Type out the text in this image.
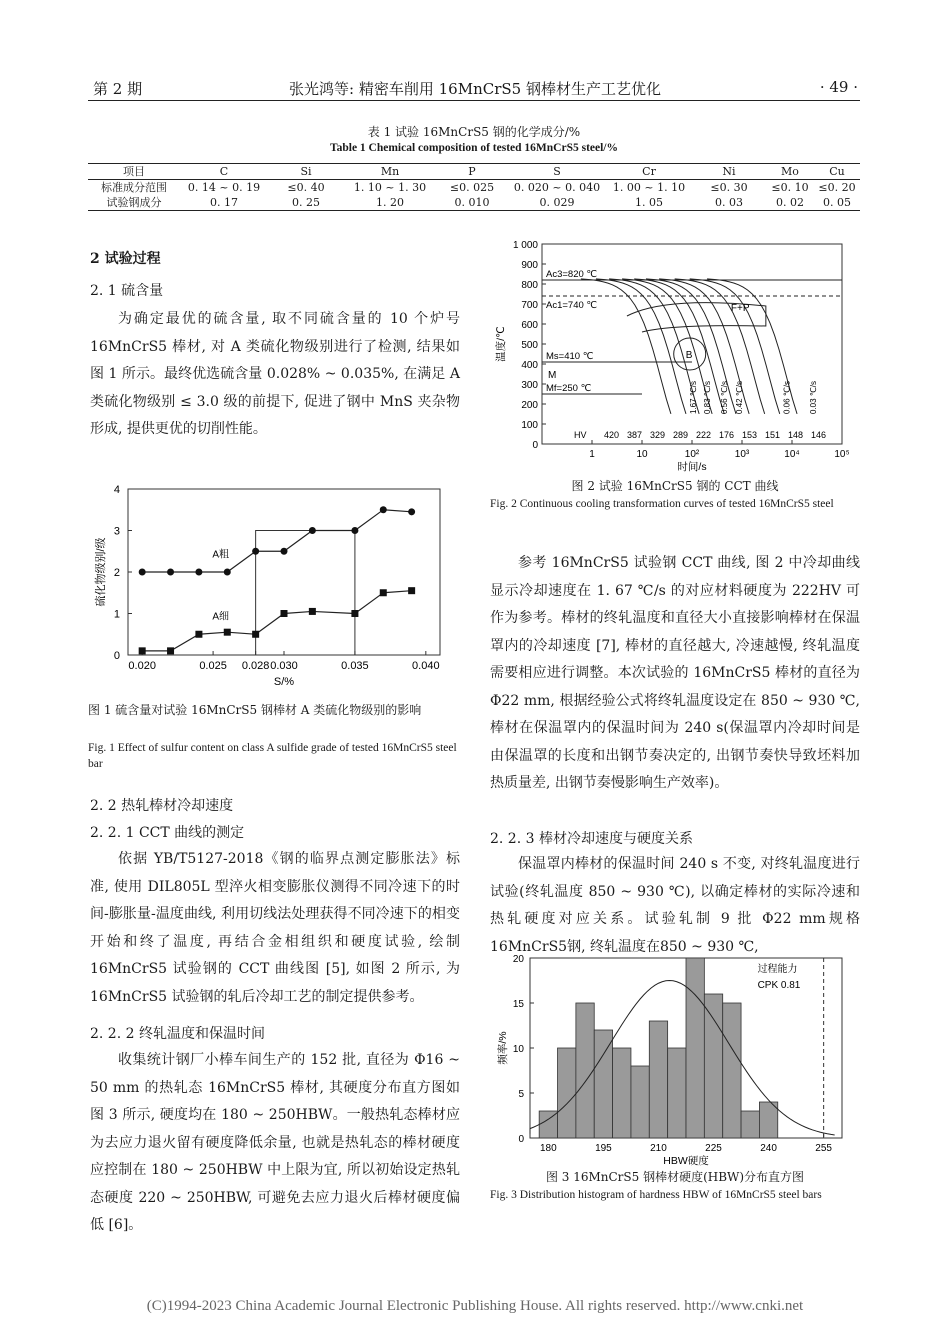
第 2 期	张光鸿等: 精密车削用 16MnCrS5 钢棒材生产工艺优化	· 49 ·
表 1 试验 16MnCrS5 钢的化学成分/%
Table 1 Chemical composition of tested 16MnCrS5 steel/%
项目	C	Si	Mn	P	S	Cr	Ni	Mo	Cu
标准成分范围	0. 14 ~ 0. 19	≤0. 40	1. 10 ~ 1. 30	≤0. 025	0. 020 ~ 0. 040	1. 00 ~ 1. 10	≤0. 30	≤0. 10	≤0. 20
试验钢成分	0. 17	0. 25	1. 20	0. 010	0. 029	1. 05	0. 03	0. 02	0. 05
2 试验过程
2. 1 硫含量

为确定最优的硫含量, 取不同硫含量的 10 个炉号 16MnCrS5 棒材, 对 A 类硫化物级别进行了检测, 结果如图 1 所示。最终优选硫含量 0.028% ~ 0.035%, 在满足 A 类硫化物级别 ≤ 3.0 级的前提下, 促进了钢中 MnS 夹杂物形成, 提供更优的切削性能。

0
1
2
3
4
0.020	0.025 0.028 0.030	0.035	0.040
A粗
A细
S/%
硫化物级别/级
图 1 硫含量对试验 16MnCrS5 钢棒材 A 类硫化物级别的影响
Fig. 1 Effect of sulfur content on class A sulfide grade of tested 16MnCrS5 steel bar
2. 2 热轧棒材冷却速度
2. 2. 1 CCT 曲线的测定

依据 YB/T5127-2018《钢的临界点测定膨胀法》标准, 使用 DIL805L 型淬火相变膨胀仪测得不同冷速下的时间-膨胀量-温度曲线, 利用切线法处理获得不同冷速下的相变开始和终了温度, 再结合金相组织和硬度试验, 绘制 16MnCrS5 试验钢的 CCT 曲线图 [5], 如图 2 所示, 为 16MnCrS5 试验钢的轧后冷却工艺的制定提供参考。

2. 2. 2 终轧温度和保温时间

收集统计钢厂小棒车间生产的 152 批, 直径为 Φ16 ~ 50 mm 的热轧态 16MnCrS5 棒材, 其硬度分布直方图如图 3 所示, 硬度均在 180 ~ 250HBW。一般热轧态棒材应为去应力退火留有硬度降低余量, 也就是热轧态的棒材硬度应控制在 180 ~ 250HBW 中上限为宜, 所以初始设定热轧态硬度 220 ~ 250HBW, 可避免去应力退火后棒材硬度偏低 [6]。

0
100
200
300
400
500
600
700
800
900
1 000
1	10	10²	10³	10⁴	10⁵
Ac3=820 ℃
Ac1=740 ℃
Ms=410 ℃
Mf=250 ℃
F+P
B
M
1.67 ℃/s 0.83 ℃/s 0.56 ℃/s 0.42 ℃/s	0.06 ℃/s 0.03 ℃/s
HV 420 387 329 289 222 176 153 151 148 146
时间/s
温度/℃
图 2 试验 16MnCrS5 钢的 CCT 曲线
Fig. 2 Continuous cooling transformation curves of tested 16MnCrS5 steel

参考 16MnCrS5 试验钢 CCT 曲线, 图 2 中冷却曲线显示冷却速度在 1. 67 ℃/s 的对应材料硬度为 222HV 可作为参考。棒材的终轧温度和直径大小直接影响棒材在保温罩内的冷却速度 [7], 棒材的直径越大, 冷速越慢, 终轧温度需要相应进行调整。本次试验的 16MnCrS5 棒材的直径为 Φ22 mm, 根据经验公式将终轧温度设定在 850 ~ 930 ℃, 棒材在保温罩内的保温时间为 240 s(保温罩内冷却时间是由保温罩的长度和出钢节奏决定的, 出钢节奏快导致坯料加热质量差, 出钢节奏慢影响生产效率)。

2. 2. 3 棒材冷却速度与硬度关系

保温罩内棒材的保温时间 240 s 不变, 对终轧温度进行试验(终轧温度 850 ~ 930 ℃), 以确定棒材的实际冷速和热轧硬度对应关系。试验轧制 9 批 Φ22 mm规格16MnCrS5钢, 终轧温度在850 ~ 930 ℃,

0
5
10
15
20
180	195	210	225	240	255
过程能力
CPK 0.81
HBW硬度
频率/%
图 3 16MnCrS5 钢棒材硬度(HBW)分布直方图
Fig. 3 Distribution histogram of hardness HBW of 16MnCrS5 steel bars
(C)1994-2023 China Academic Journal Electronic Publishing House. All rights reserved. http://www.cnki.net
